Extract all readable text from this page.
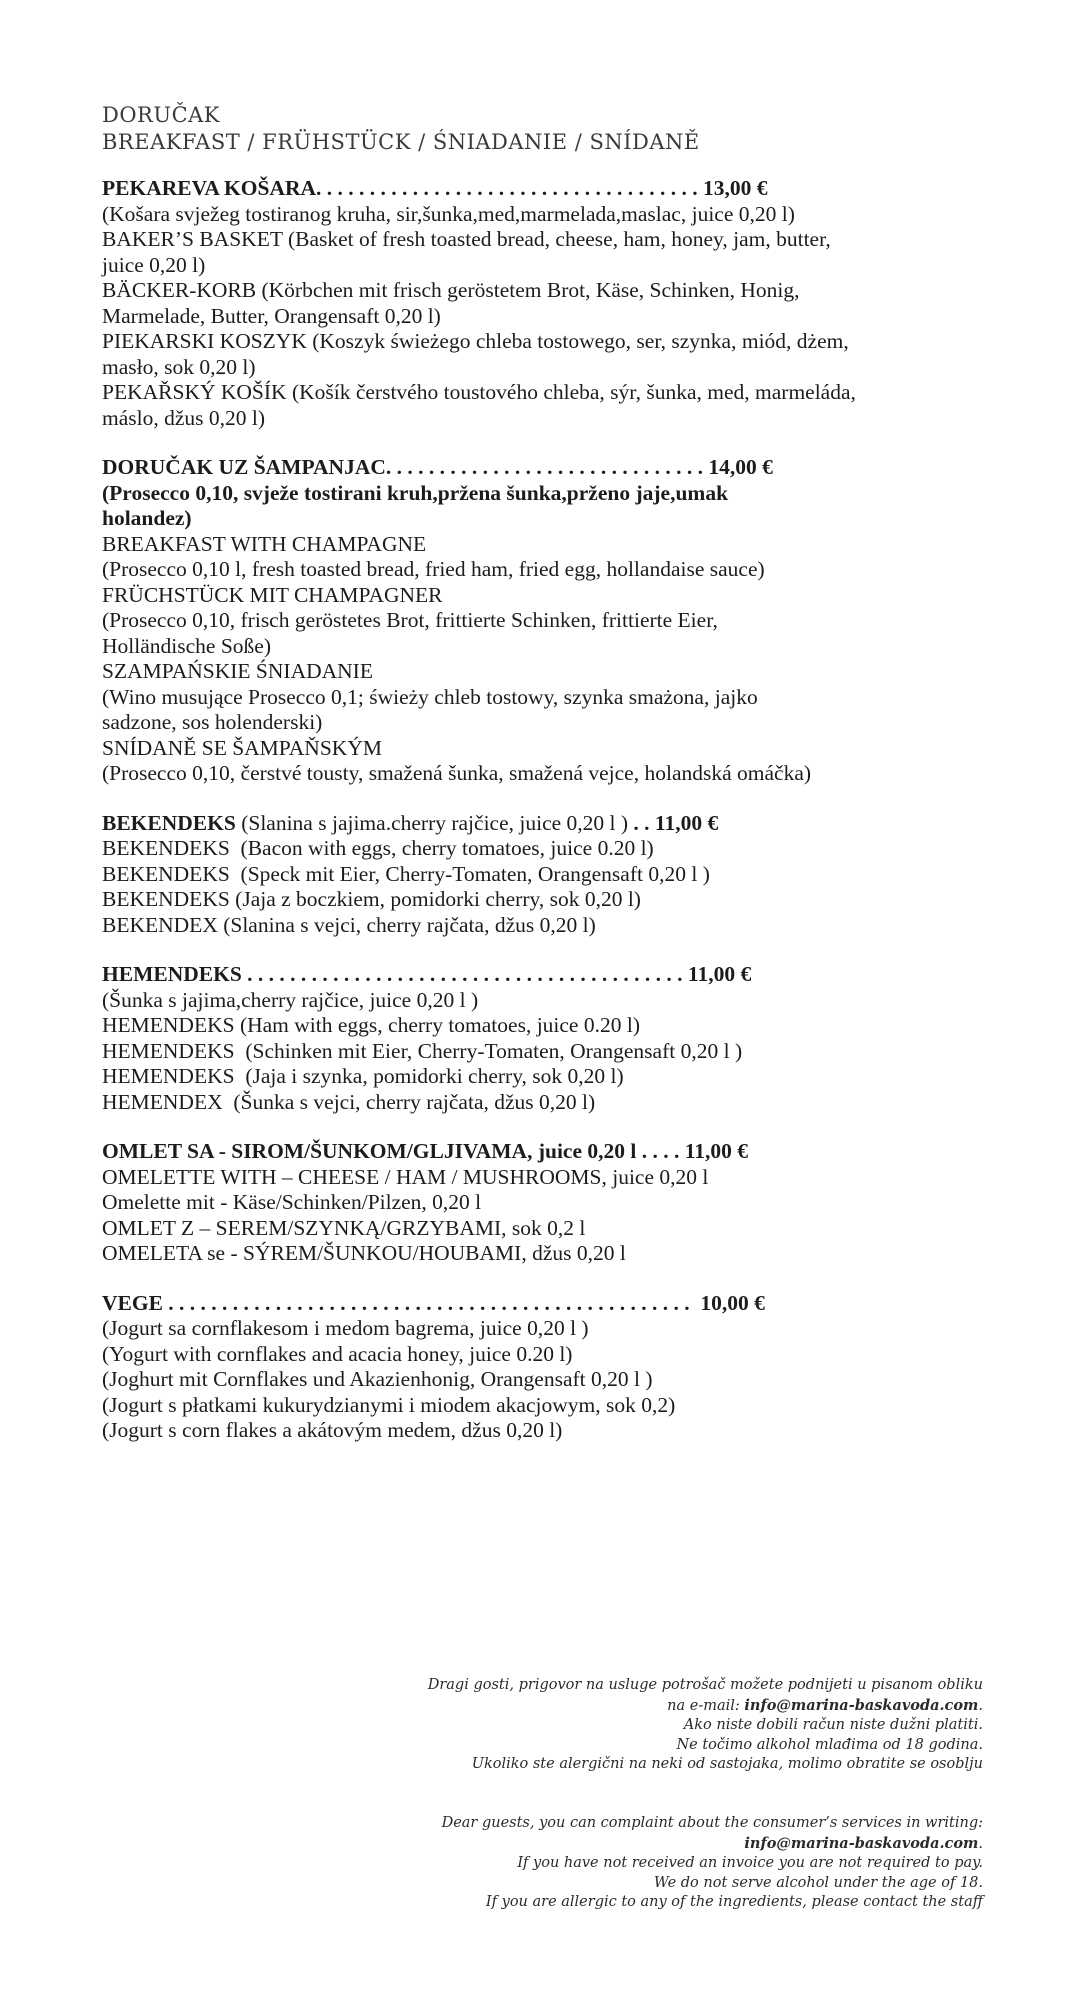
DORUČAK
BREAKFAST / FRÜHSTÜCK / ŚNIADANIE / SNÍDANĚ
PEKAREVA KOŠARA. . . . . . . . . . . . . . . . . . . . . . . . . . . . . . . . . . . . 13,00 €
(Košara svježeg tostiranog kruha, sir,šunka,med,marmelada,maslac, juice 0,20 l)
BAKER’S BASKET (Basket of fresh toasted bread, cheese, ham, honey, jam, butter,
juice 0,20 l)
BÄCKER-KORB (Körbchen mit frisch geröstetem Brot, Käse, Schinken, Honig,
Marmelade, Butter, Orangensaft 0,20 l)
PIEKARSKI KOSZYK (Koszyk świeżego chleba tostowego, ser, szynka, miód, dżem,
masło, sok 0,20 l)
PEKAŘSKÝ KOŠÍK (Košík čerstvého toustového chleba, sýr, šunka, med, marmeláda,
máslo, džus 0,20 l)
DORUČAK UZ ŠAMPANJAC. . . . . . . . . . . . . . . . . . . . . . . . . . . . . . 14,00 €
(Prosecco 0,10, svježe tostirani kruh,pržena šunka,prženo jaje,umak
holandez)
BREAKFAST WITH CHAMPAGNE
(Prosecco 0,10 l, fresh toasted bread, fried ham, fried egg, hollandaise sauce)
FRÜCHSTÜCK MIT CHAMPAGNER
(Prosecco 0,10, frisch geröstetes Brot, frittierte Schinken, frittierte Eier,
Holländische Soße)
SZAMPAŃSKIE ŚNIADANIE
(Wino musujące Prosecco 0,1; świeży chleb tostowy, szynka smażona, jajko
sadzone, sos holenderski)
SNÍDANĚ SE ŠAMPAŇSKÝM
(Prosecco 0,10, čerstvé tousty, smažená šunka, smažená vejce, holandská omáčka)
BEKENDEKS (Slanina s jajima.cherry rajčice, juice 0,20 l ) . . 11,00 €
BEKENDEKS  (Bacon with eggs, cherry tomatoes, juice 0.20 l)
BEKENDEKS  (Speck mit Eier, Cherry-Tomaten, Orangensaft 0,20 l )
BEKENDEKS (Jaja z boczkiem, pomidorki cherry, sok 0,20 l)
BEKENDEX (Slanina s vejci, cherry rajčata, džus 0,20 l)
HEMENDEKS . . . . . . . . . . . . . . . . . . . . . . . . . . . . . . . . . . . . . . . . . 11,00 €
(Šunka s jajima,cherry rajčice, juice 0,20 l )
HEMENDEKS (Ham with eggs, cherry tomatoes, juice 0.20 l)
HEMENDEKS  (Schinken mit Eier, Cherry-Tomaten, Orangensaft 0,20 l )
HEMENDEKS  (Jaja i szynka, pomidorki cherry, sok 0,20 l)
HEMENDEX  (Šunka s vejci, cherry rajčata, džus 0,20 l)
OMLET SA - SIROM/ŠUNKOM/GLJIVAMA, juice 0,20 l . . . . 11,00 €
OMELETTE WITH – CHEESE / HAM / MUSHROOMS, juice 0,20 l
Omelette mit - Käse/Schinken/Pilzen, 0,20 l
OMLET Z – SEREM/SZYNKĄ/GRZYBAMI, sok 0,2 l
OMELETA se - SÝREM/ŠUNKOU/HOUBAMI, džus 0,20 l
VEGE . . . . . . . . . . . . . . . . . . . . . . . . . . . . . . . . . . . . . . . . . . . . . . . . .  10,00 €
(Jogurt sa cornflakesom i medom bagrema, juice 0,20 l )
(Yogurt with cornflakes and acacia honey, juice 0.20 l)
(Joghurt mit Cornflakes und Akazienhonig, Orangensaft 0,20 l )
(Jogurt s płatkami kukurydzianymi i miodem akacjowym, sok 0,2)
(Jogurt s corn flakes a akátovým medem, džus 0,20 l)
Dragi gosti, prigovor na usluge potrošač možete podnijeti u pisanom obliku
na e-mail: info@marina-baskavoda.com.
Ako niste dobili račun niste dužni platiti.
Ne točimo alkohol mlađima od 18 godina.
Ukoliko ste alergični na neki od sastojaka, molimo obratite se osoblju
Dear guests, you can complaint about the consumer’s services in writing:
info@marina-baskavoda.com.
If you have not received an invoice you are not required to pay.
We do not serve alcohol under the age of 18.
If you are allergic to any of the ingredients, please contact the staff
